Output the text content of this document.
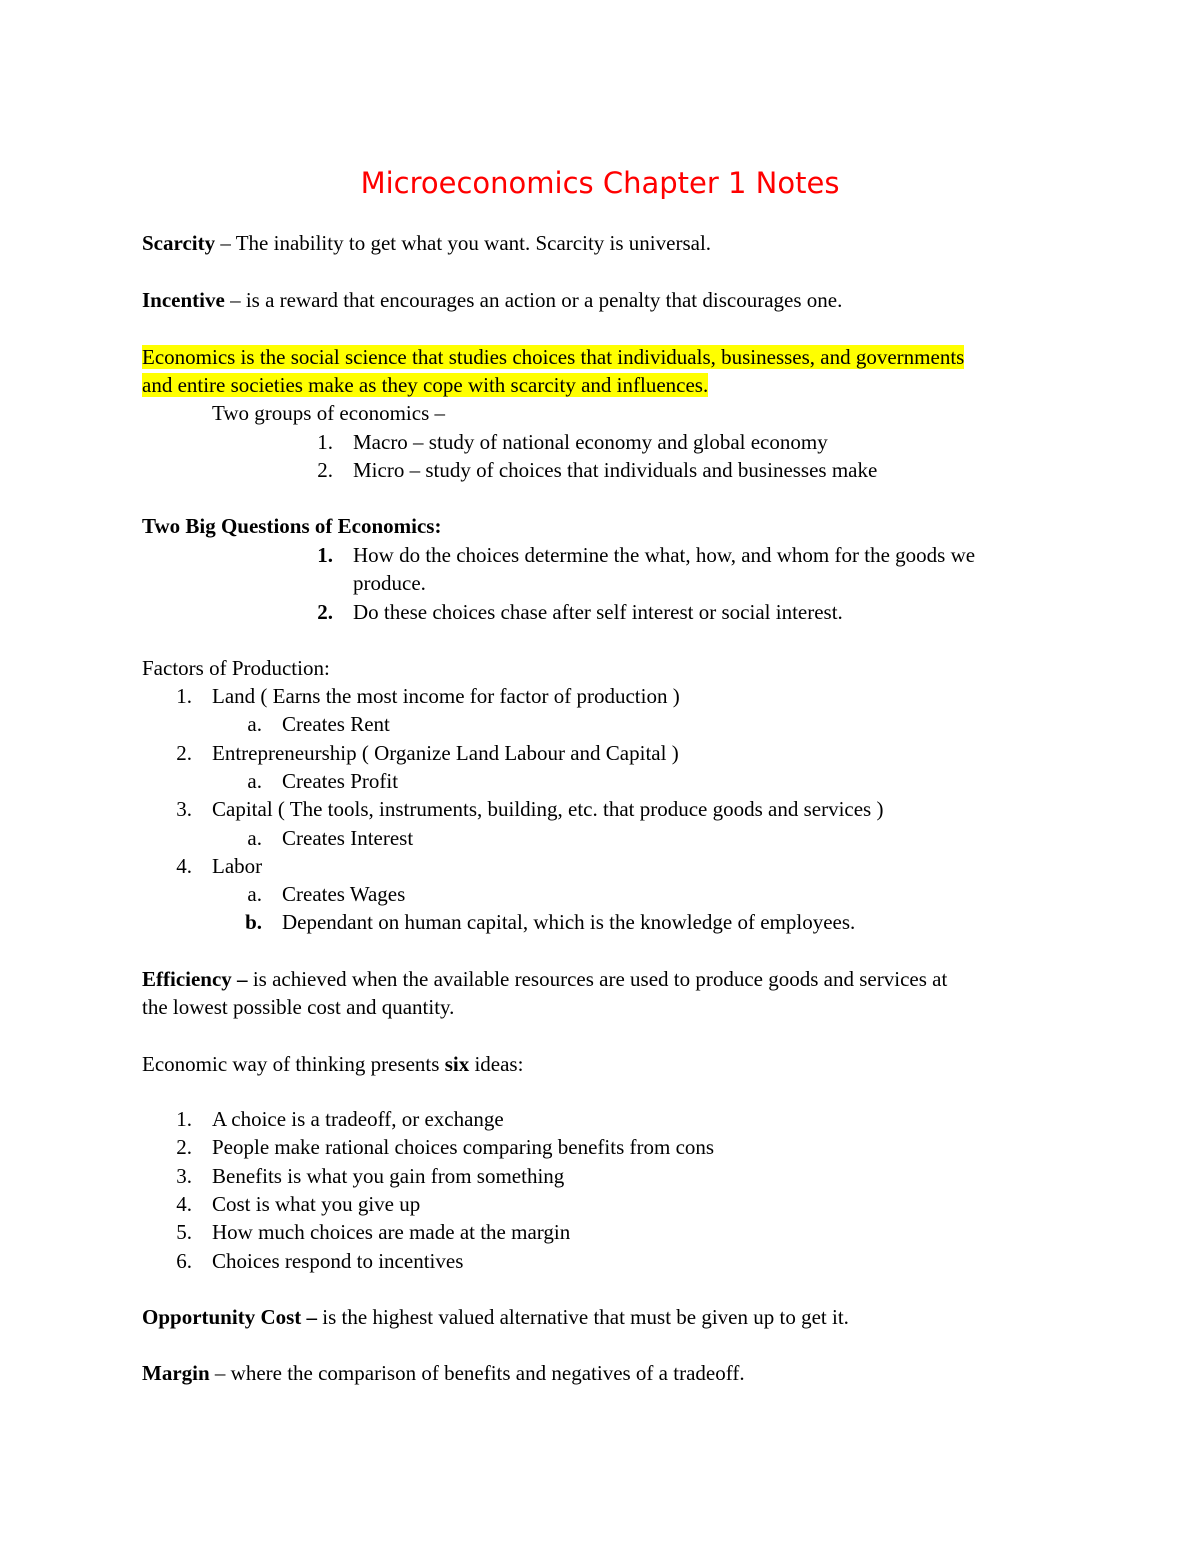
Microeconomics Chapter 1 Notes
Scarcity – The inability to get what you want. Scarcity is universal.
Incentive – is a reward that encourages an action or a penalty that discourages one.
Economics is the social science that studies choices that individuals, businesses, and governments
and entire societies make as they cope with scarcity and influences.
Two groups of economics –
1. Macro – study of national economy and global economy
2. Micro – study of choices that individuals and businesses make
Two Big Questions of Economics:
1. How do the choices determine the what, how, and whom for the goods we
produce.
2. Do these choices chase after self interest or social interest.
Factors of Production:
1. Land ( Earns the most income for factor of production )
a. Creates Rent
2. Entrepreneurship ( Organize Land Labour and Capital )
a. Creates Profit
3. Capital ( The tools, instruments, building, etc. that produce goods and services )
a. Creates Interest
4. Labor
a. Creates Wages
b. Dependant on human capital, which is the knowledge of employees.
Efficiency – is achieved when the available resources are used to produce goods and services at
the lowest possible cost and quantity.
Economic way of thinking presents six ideas:
1. A choice is a tradeoff, or exchange
2. People make rational choices comparing benefits from cons
3. Benefits is what you gain from something
4. Cost is what you give up
5. How much choices are made at the margin
6. Choices respond to incentives
Opportunity Cost – is the highest valued alternative that must be given up to get it.
Margin – where the comparison of benefits and negatives of a tradeoff.
